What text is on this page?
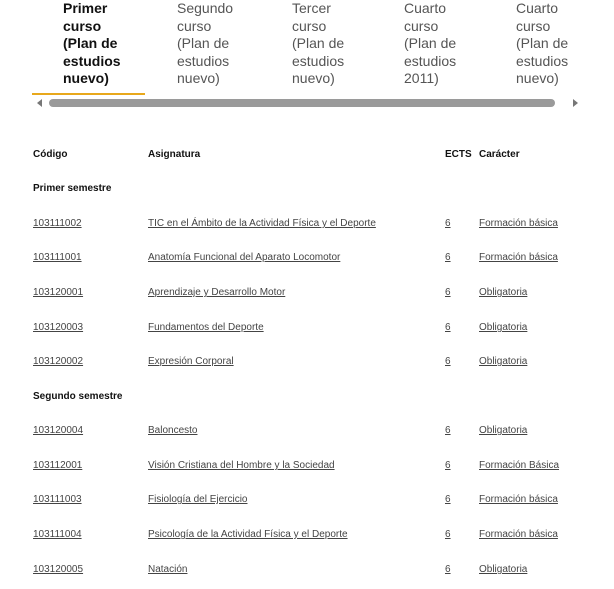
Primer
curso
(Plan de
estudios
nuevo)
Segundo
curso
(Plan de
estudios
nuevo)
Tercer
curso
(Plan de
estudios
nuevo)
Cuarto
curso
(Plan de
estudios
2011)
Cuarto
curso
(Plan de
estudios
nuevo)
Código	Asignatura	ECTS Carácter
Primer semestre
103111002	TIC en el Ámbito de la Actividad Física y el Deporte	6	Formación básica
103111001	Anatomía Funcional del Aparato Locomotor	6	Formación básica
103120001	Aprendizaje y Desarrollo Motor	6	Obligatoria
103120003	Fundamentos del Deporte	6	Obligatoria
103120002	Expresión Corporal	6	Obligatoria
Segundo semestre
103120004	Baloncesto	6	Obligatoria
103112001	Visión Cristiana del Hombre y la Sociedad	6	Formación Básica
103111003	Fisiología del Ejercicio	6	Formación básica
103111004	Psicología de la Actividad Física y el Deporte	6	Formación básica
103120005	Natación	6	Obligatoria
